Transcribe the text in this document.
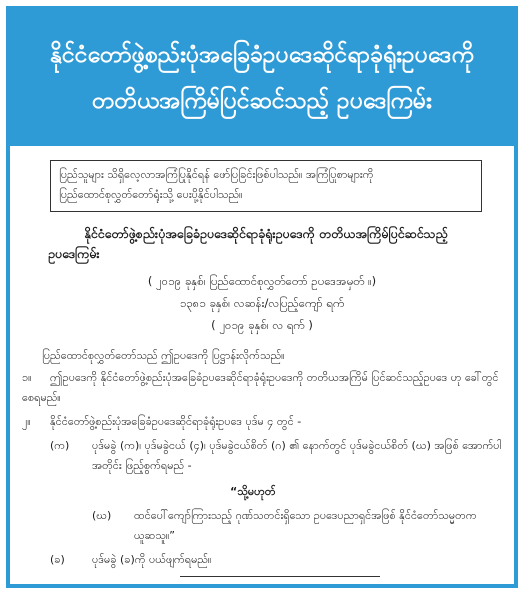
နိုင်ငံတော်ဖွဲ့စည်းပုံအခြေခံဥပဒေဆိုင်ရာခုံရုံးဥပဒေကို
တတိယအကြိမ်ပြင်ဆင်သည့် ဥပဒေကြမ်း
ပြည်သူများ သိရှိလေ့လာအကြံပြုနိုင်ရန် ဖော်ပြခြင်းဖြစ်ပါသည်။ အကြံပြုစာများကို
ပြည်ထောင်စုလွှတ်တော်ရုံးသို့ ပေးပို့နိုင်ပါသည်။
နိုင်ငံတော်ဖွဲ့စည်းပုံအခြေခံဥပဒေဆိုင်ရာခုံရုံးဥပဒေကို တတိယအကြိမ်ပြင်ဆင်သည့်
ဥပဒေကြမ်း
( ၂၀၁၉ ခုနှစ်၊ ပြည်ထောင်စုလွှတ်တော် ဥပဒေအမှတ် ။)
၁၃၈၁ ခုနှစ်၊ လဆန်း/လပြည့်ကျော် ရက်
( ၂၀၁၉ ခုနှစ်၊ လ ရက် )
ပြည်ထောင်စုလွှတ်တော်သည် ဤဥပဒေကို ပြဋ္ဌာန်းလိုက်သည်။
၁။ ဤဥပဒေကို နိုင်ငံတော်ဖွဲ့စည်းပုံအခြေခံဥပဒေဆိုင်ရာခုံရုံးဥပဒေကို တတိယအကြိမ် ပြင်ဆင်သည့်ဥပဒေ ဟု ခေါ်တွင်
စေရမည်။
၂။ နိုင်ငံတော်ဖွဲ့စည်းပုံအခြေခံဥပဒေဆိုင်ရာခုံရုံးဥပဒေ ပုဒ်မ ၄ တွင် -
(က) ပုဒ်မခွဲ (က)၊ ပုဒ်မခွဲငယ် (၄)၊ ပုဒ်မခွဲငယ်စိတ် (ဂ) ၏ နောက်တွင် ပုဒ်မခွဲငယ်စိတ် (ဃ) အဖြစ် အောက်ပါ
အတိုင်း ဖြည့်စွက်ရမည် -
“သို့မဟုတ်
(ဃ) ထင်ပေါ်ကျော်ကြားသည့် ဂုဏ်သတင်းရှိသော ဥပဒေပညာရှင်အဖြစ် နိုင်ငံတော်သမ္မတက
ယူဆသူ။”
(ခ) ပုဒ်မခွဲ (ခ)ကို ပယ်ဖျက်ရမည်။
